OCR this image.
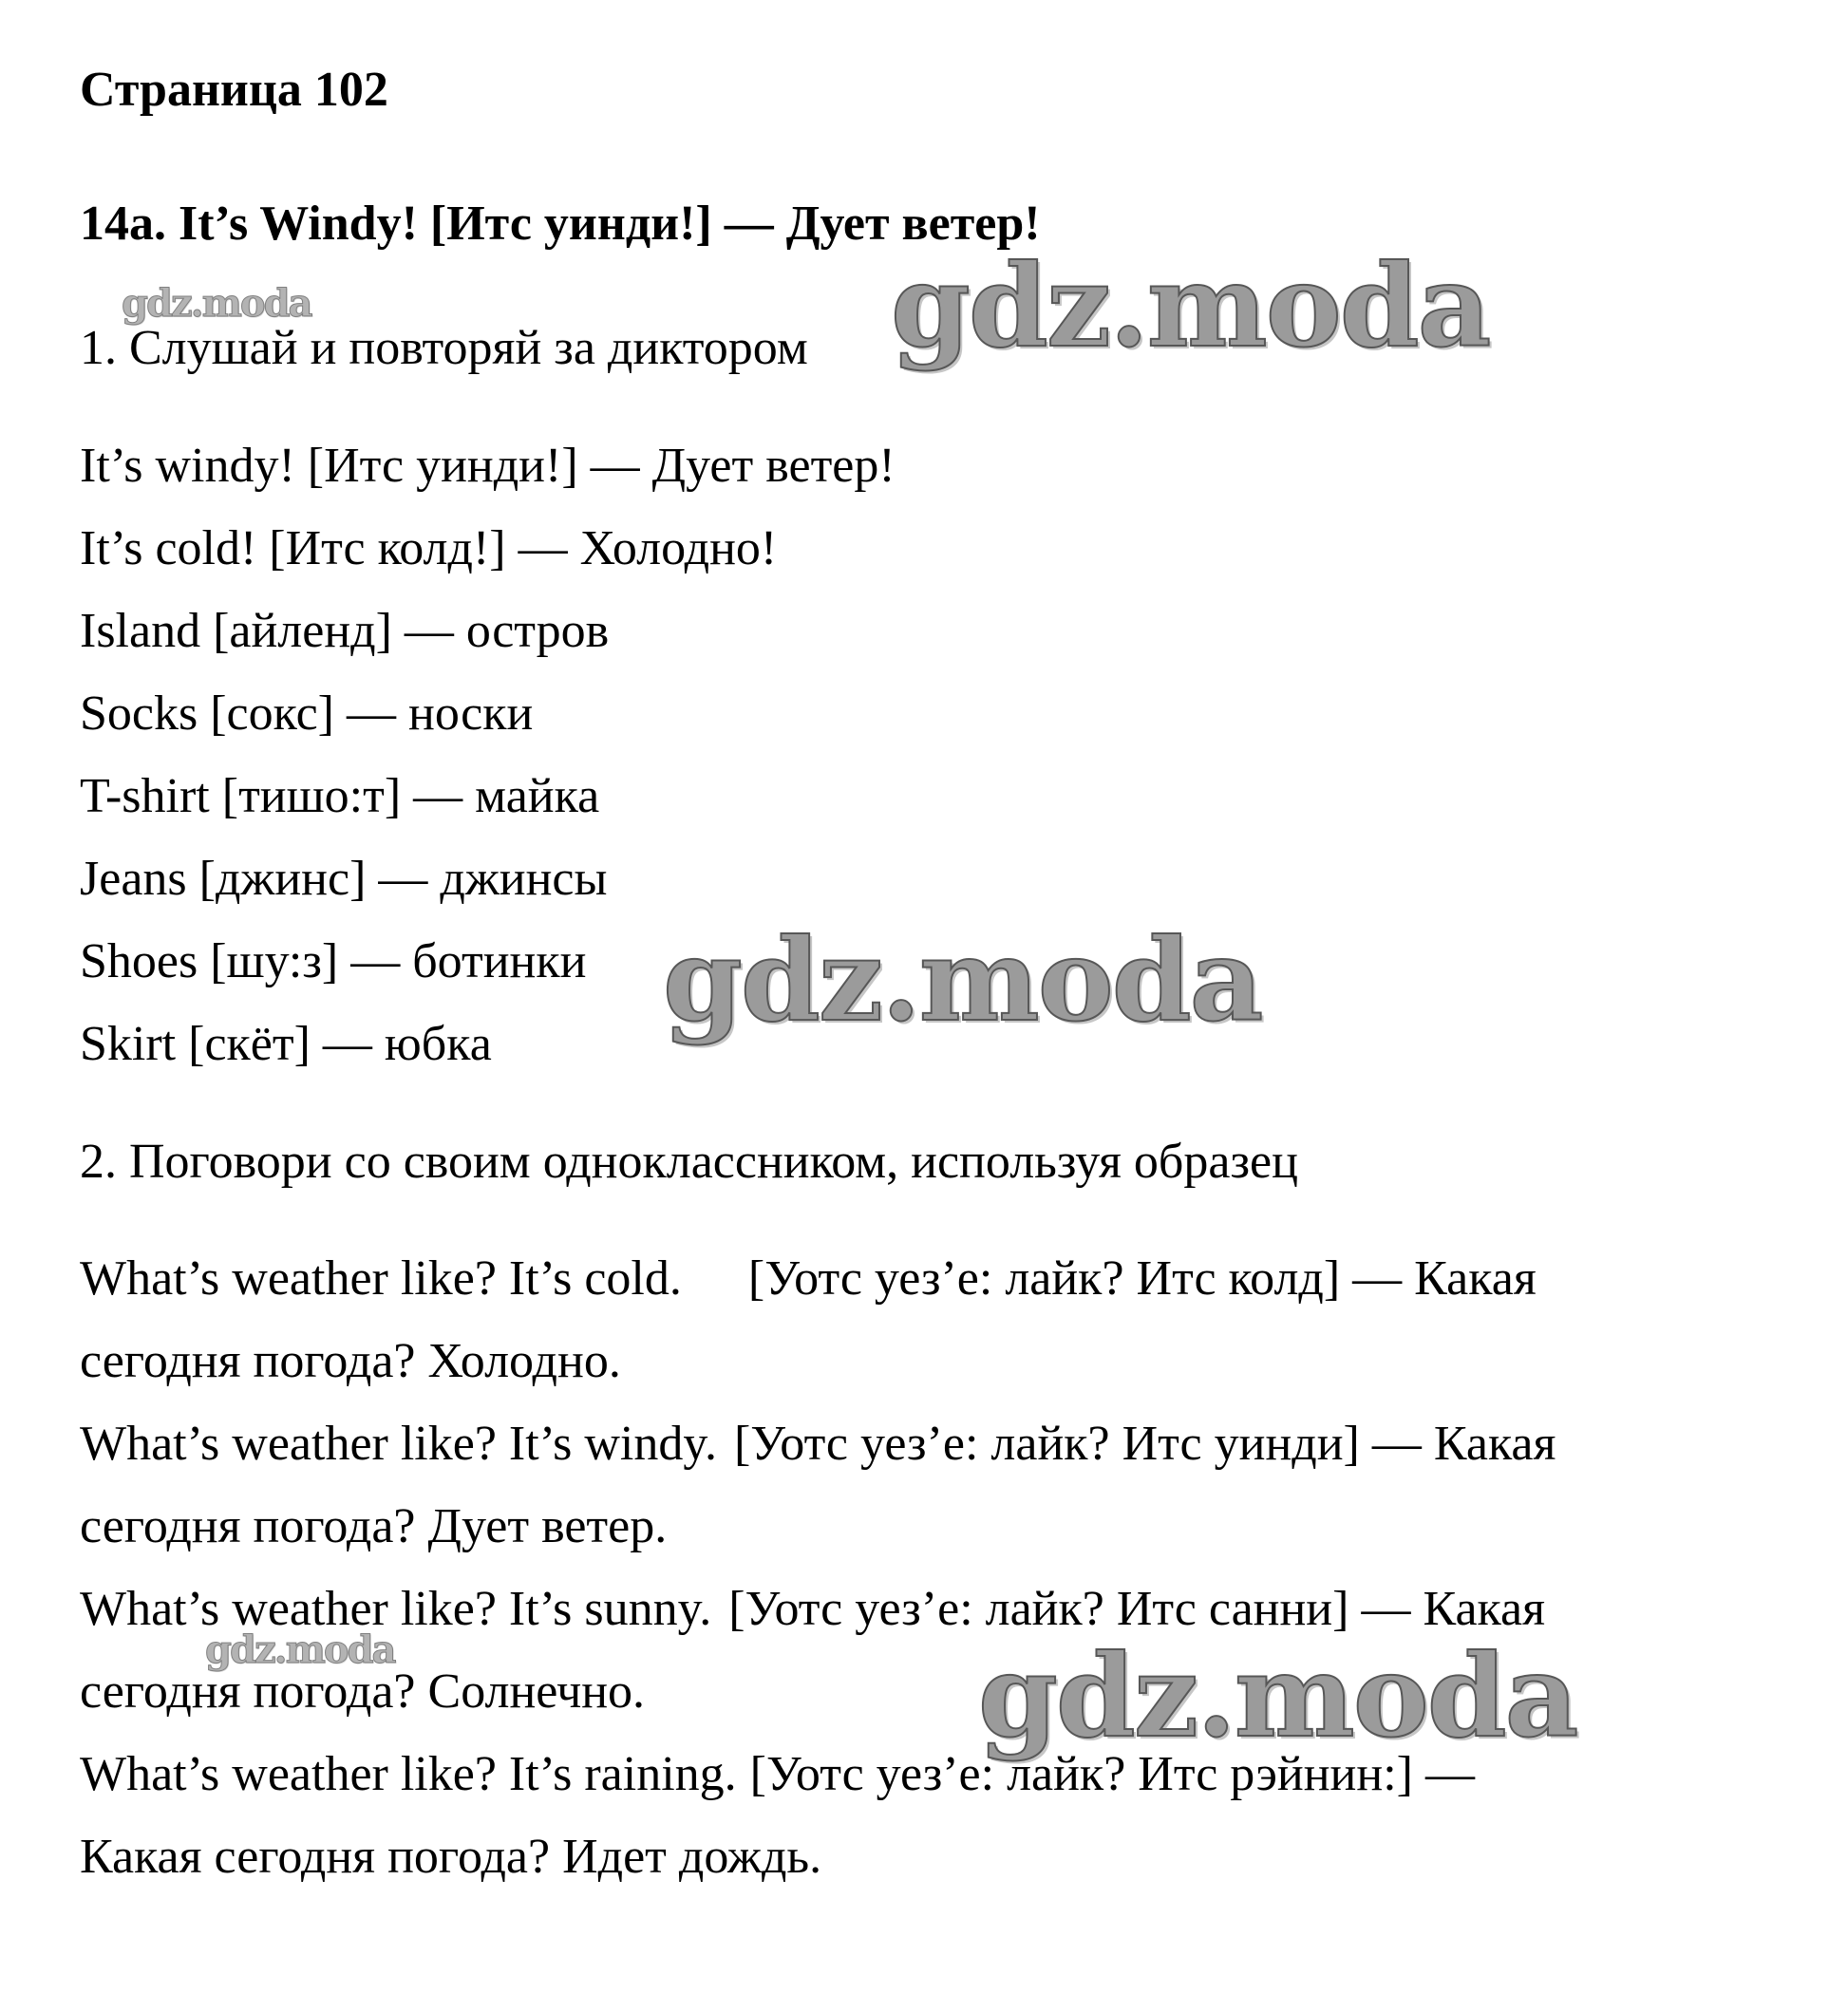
Страница 102
14a. It’s Windy! [Итс уинди!] — Дует ветер!
1. Слушай и повторяй за диктором
It’s windy! [Итс уинди!] — Дует ветер!
It’s cold! [Итс колд!] — Холодно!
Island [айленд] — остров
Socks [сокс] — носки
T-shirt [тишо:т] — майка
Jeans [джинс] — джинсы
Shoes [шу:з] — ботинки
Skirt [скёт] — юбка
2. Поговори со своим одноклассником, используя образец
What’s weather like? It’s cold. [Уотс уез’е: лайк? Итс колд] — Какая
сегодня погода? Холодно.
What’s weather like? It’s windy. [Уотс уез’е: лайк? Итс уинди] — Какая
сегодня погода? Дует ветер.
What’s weather like? It’s sunny. [Уотс уез’е: лайк? Итс санни] — Какая
сегодня погода? Солнечно.
What’s weather like? It’s raining. [Уотс уез’е: лайк? Итс рэйнин:] —
Какая сегодня погода? Идет дождь.
gdz.moda	gdz.moda
gdz.moda
gdz.moda	gdz.moda
